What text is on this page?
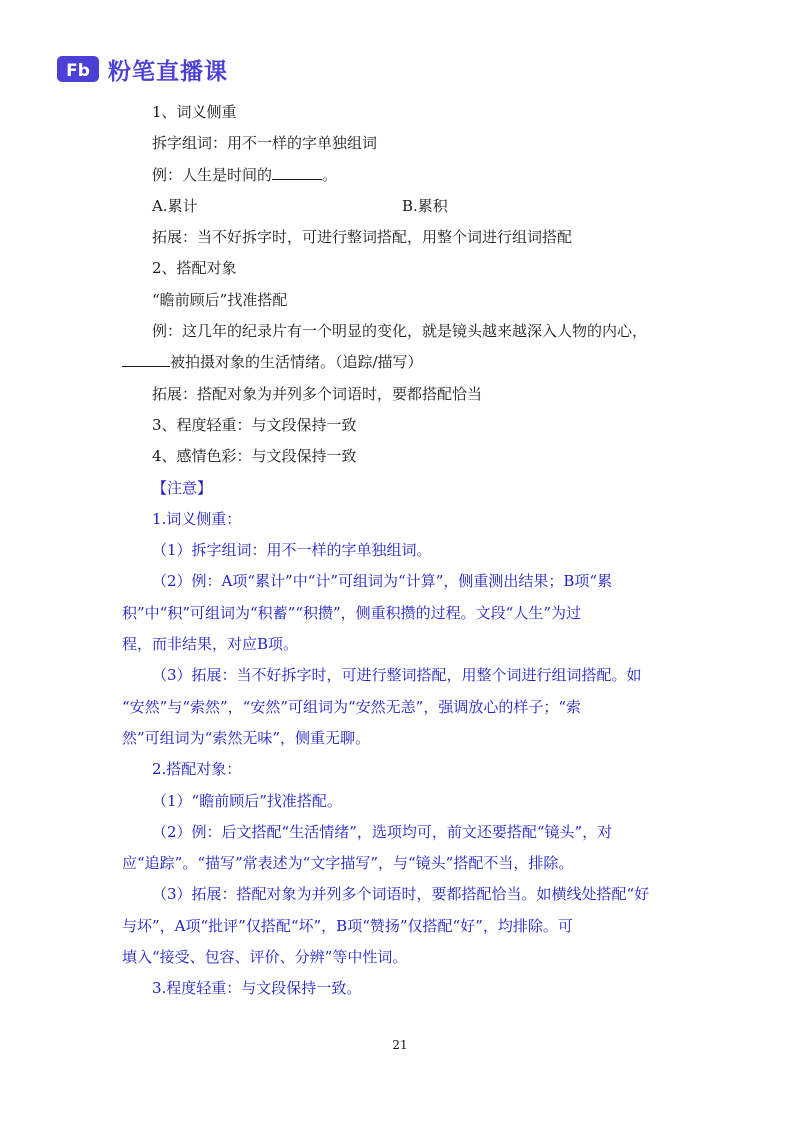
Fb 粉笔直播课
1、词义侧重
拆字组词：用不一样的字单独组词
例：人生是时间的	。
A.累计	B.累积
拓展：当不好拆字时，可进行整词搭配，用整个词进行组词搭配
2、搭配对象
“瞻前顾后”找准搭配
例：这几年的纪录片有一个明显的变化，就是镜头越来越深入人物的内心，
被拍摄对象的生活情绪。（追踪/描写）
拓展：搭配对象为并列多个词语时，要都搭配恰当
3、程度轻重：与文段保持一致
4、感情色彩：与文段保持一致
【注意】
1.词义侧重：
（1）拆字组词：用不一样的字单独组词。
（2）例：A项“累计”中“计”可组词为“计算”，侧重测出结果；B项“累
积”中“积”可组词为“积蓄”“积攒”，侧重积攒的过程。文段“人生”为过
程，而非结果，对应B项。
（3）拓展：当不好拆字时，可进行整词搭配，用整个词进行组词搭配。如
“安然”与“索然”，“安然”可组词为“安然无恙”，强调放心的样子；“索
然”可组词为“索然无味”，侧重无聊。
2.搭配对象：
（1）“瞻前顾后”找准搭配。
（2）例：后文搭配“生活情绪”，选项均可，前文还要搭配“镜头”，对
应“追踪”。“描写”常表述为“文字描写”，与“镜头”搭配不当，排除。
（3）拓展：搭配对象为并列多个词语时，要都搭配恰当。如横线处搭配“好
与坏”，A项“批评”仅搭配“坏”，B项“赞扬”仅搭配“好”，均排除。可
填入“接受、包容、评价、分辨”等中性词。
3.程度轻重：与文段保持一致。
21
